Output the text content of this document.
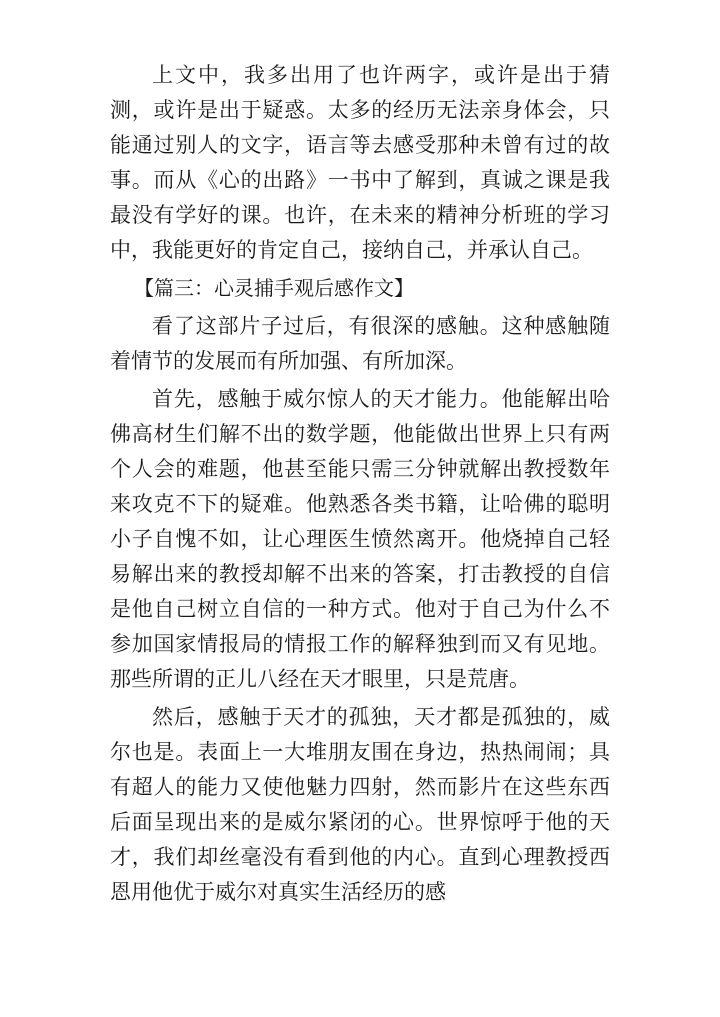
上文中，我多出用了也许两字，或许是出于猜测，或许是出于疑惑。太多的经历无法亲身体会，只能通过别人的文字，语言等去感受那种未曾有过的故事。而从《心的出路》一书中了解到，真诚之课是我最没有学好的课。也许，在未来的精神分析班的学习中，我能更好的肯定自己，接纳自己，并承认自己。

【篇三：心灵捕手观后感作文】

看了这部片子过后，有很深的感触。这种感触随着情节的发展而有所加强、有所加深。

首先，感触于威尔惊人的天才能力。他能解出哈佛高材生们解不出的数学题，他能做出世界上只有两个人会的难题，他甚至能只需三分钟就解出教授数年来攻克不下的疑难。他熟悉各类书籍，让哈佛的聪明小子自愧不如，让心理医生愤然离开。他烧掉自己轻易解出来的教授却解不出来的答案，打击教授的自信是他自己树立自信的一种方式。他对于自己为什么不参加国家情报局的情报工作的解释独到而又有见地。那些所谓的正儿八经在天才眼里，只是荒唐。

然后，感触于天才的孤独，天才都是孤独的，威尔也是。表面上一大堆朋友围在身边，热热闹闹；具有超人的能力又使他魅力四射，然而影片在这些东西后面呈现出来的是威尔紧闭的心。世界惊呼于他的天才，我们却丝毫没有看到他的内心。直到心理教授西恩用他优于威尔对真实生活经历的感
